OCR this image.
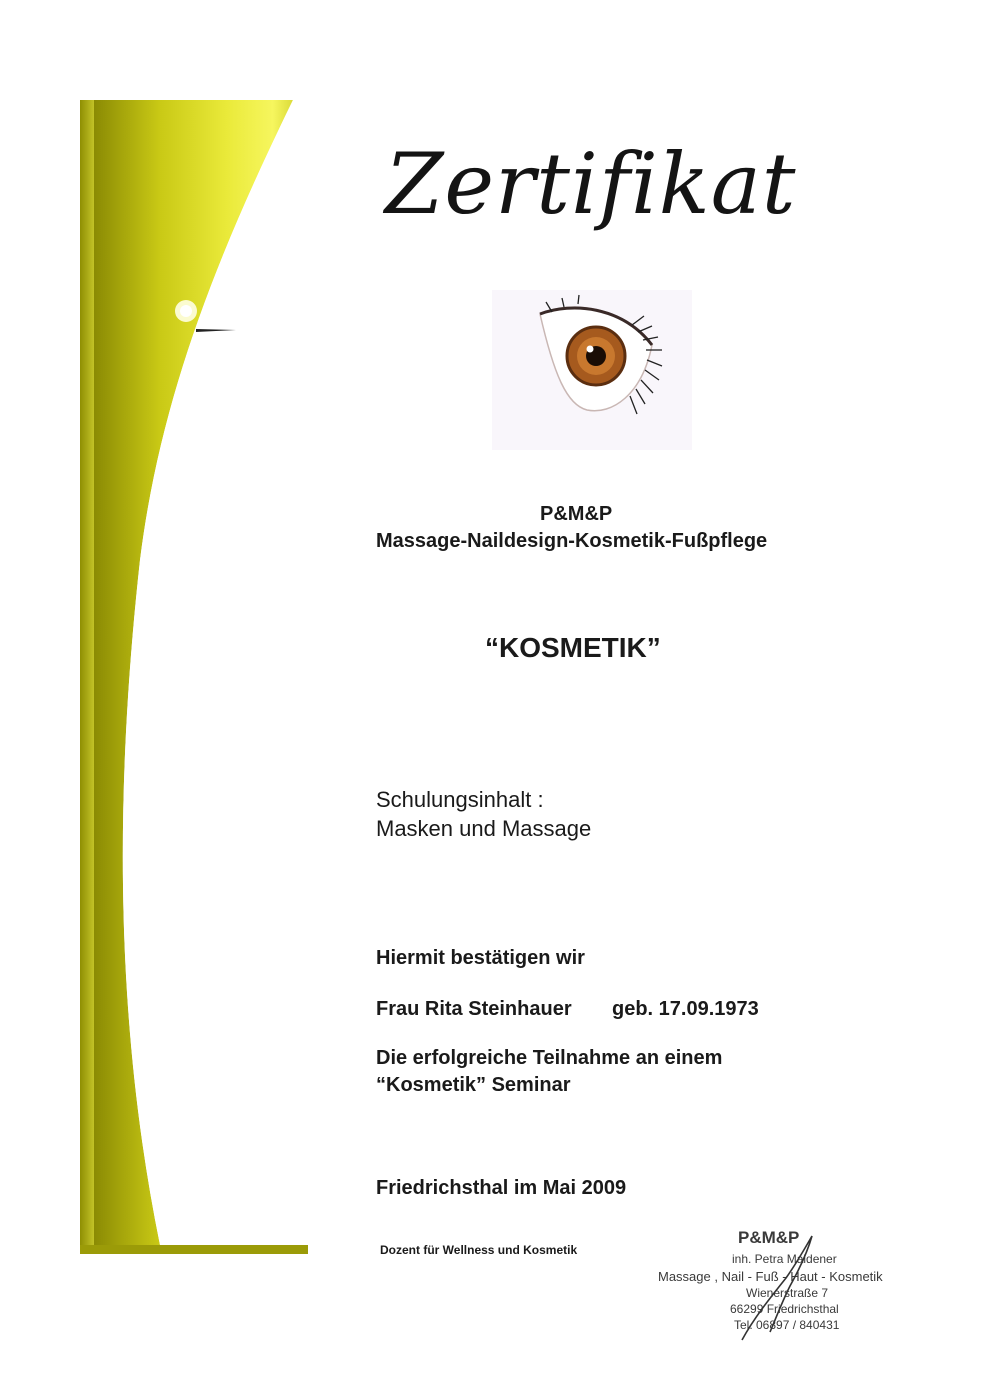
Zertifikat
P&M&P
Massage-Naildesign-Kosmetik-Fußpflege
“KOSMETIK”
Schulungsinhalt :
Masken und Massage
Hiermit bestätigen wir
Frau Rita Steinhauer geb. 17.09.1973
Die erfolgreiche Teilnahme an einem
“Kosmetik” Seminar
Friedrichsthal im Mai 2009
Dozent für Wellness und Kosmetik
P&M&P
inh. Petra Maldener
Massage , Nail - Fuß - Haut - Kosmetik
Wienerstraße 7
66299 Friedrichsthal
Tel. 06897 / 840431
